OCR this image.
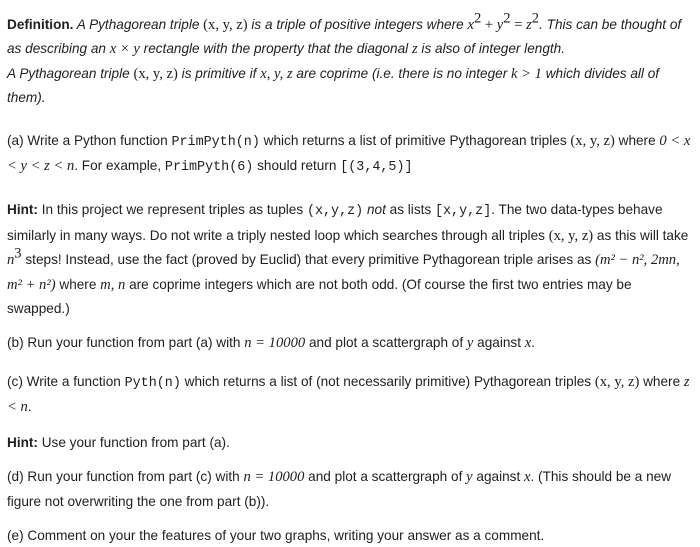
Definition. A Pythagorean triple (x, y, z) is a triple of positive integers where $x^2 + y^2 = z^2$. This can be thought of as describing an x × y rectangle with the property that the diagonal z is also of integer length.
A Pythagorean triple (x, y, z) is primitive if x, y, z are coprime (i.e. there is no integer k > 1 which divides all of them).

(a) Write a Python function PrimPyth(n) which returns a list of primitive Pythagorean triples (x, y, z) where 0 < x < y < z < n. For example, PrimPyth(6) should return [(3,4,5)]

Hint: In this project we represent triples as tuples (x,y,z) not as lists [x,y,z]. The two data-types behave similarly in many ways. Do not write a triply nested loop which searches through all triples (x, y, z) as this will take $n^3$ steps! Instead, use the fact (proved by Euclid) that every primitive Pythagorean triple arises as (m² − n², 2mn, m² + n²) where m, n are coprime integers which are not both odd. (Of course the first two entries may be swapped.)

(b) Run your function from part (a) with n = 10000 and plot a scattergraph of y against x.

(c) Write a function Pyth(n) which returns a list of (not necessarily primitive) Pythagorean triples (x, y, z) where z < n.

Hint: Use your function from part (a).

(d) Run your function from part (c) with n = 10000 and plot a scattergraph of y against x. (This should be a new figure not overwriting the one from part (b)).

(e) Comment on your the features of your two graphs, writing your answer as a comment.
